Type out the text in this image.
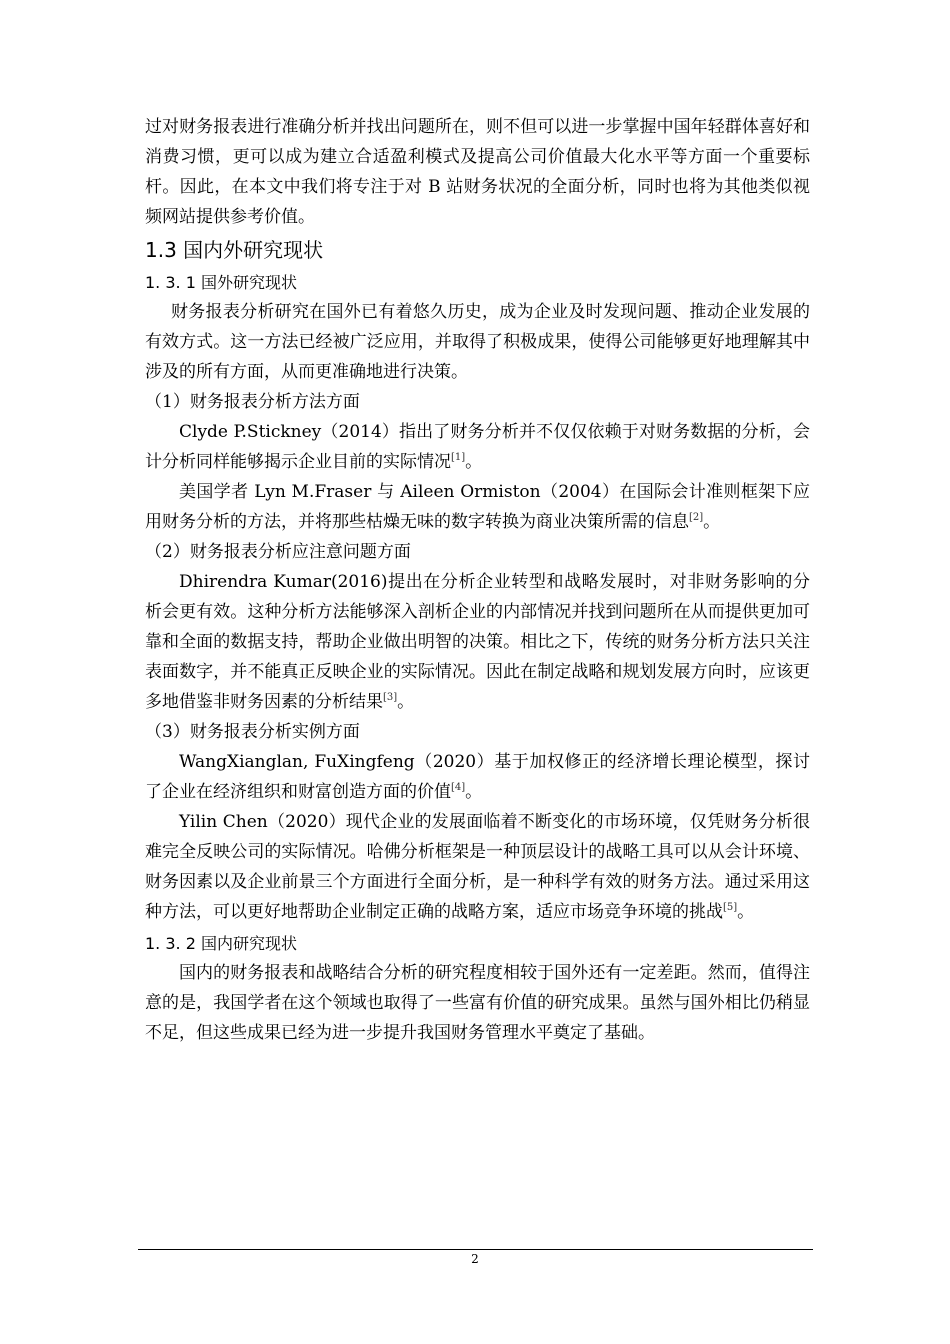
过对财务报表进行准确分析并找出问题所在，则不但可以进一步掌握中国年轻群体喜好和消费习惯，更可以成为建立合适盈利模式及提高公司价值最大化水平等方面一个重要标杆。因此，在本文中我们将专注于对 B 站财务状况的全面分析，同时也将为其他类似视频网站提供参考价值。

1.3 国内外研究现状
1. 3. 1 国外研究现状

财务报表分析研究在国外已有着悠久历史，成为企业及时发现问题、推动企业发展的有效方式。这一方法已经被广泛应用，并取得了积极成果，使得公司能够更好地理解其中涉及的所有方面，从而更准确地进行决策。

（1）财务报表分析方法方面

Clyde P.Stickney（2014）指出了财务分析并不仅仅依赖于对财务数据的分析，会计分析同样能够揭示企业目前的实际情况[1]。

美国学者 Lyn M.Fraser 与 Aileen Ormiston（2004）在国际会计准则框架下应用财务分析的方法，并将那些枯燥无味的数字转换为商业决策所需的信息[2]。

（2）财务报表分析应注意问题方面

Dhirendra Kumar(2016)提出在分析企业转型和战略发展时，对非财务影响的分析会更有效。这种分析方法能够深入剖析企业的内部情况并找到问题所在从而提供更加可靠和全面的数据支持，帮助企业做出明智的决策。相比之下，传统的财务分析方法只关注表面数字，并不能真正反映企业的实际情况。因此在制定战略和规划发展方向时，应该更多地借鉴非财务因素的分析结果[3]。

（3）财务报表分析实例方面

WangXianglan, FuXingfeng（2020）基于加权修正的经济增长理论模型，探讨了企业在经济组织和财富创造方面的价值[4]。

Yilin Chen（2020）现代企业的发展面临着不断变化的市场环境，仅凭财务分析很难完全反映公司的实际情况。哈佛分析框架是一种顶层设计的战略工具可以从会计环境、财务因素以及企业前景三个方面进行全面分析，是一种科学有效的财务方法。通过采用这种方法，可以更好地帮助企业制定正确的战略方案，适应市场竞争环境的挑战[5]。

1. 3. 2 国内研究现状

国内的财务报表和战略结合分析的研究程度相较于国外还有一定差距。然而，值得注意的是，我国学者在这个领域也取得了一些富有价值的研究成果。虽然与国外相比仍稍显不足，但这些成果已经为进一步提升我国财务管理水平奠定了基础。

2
